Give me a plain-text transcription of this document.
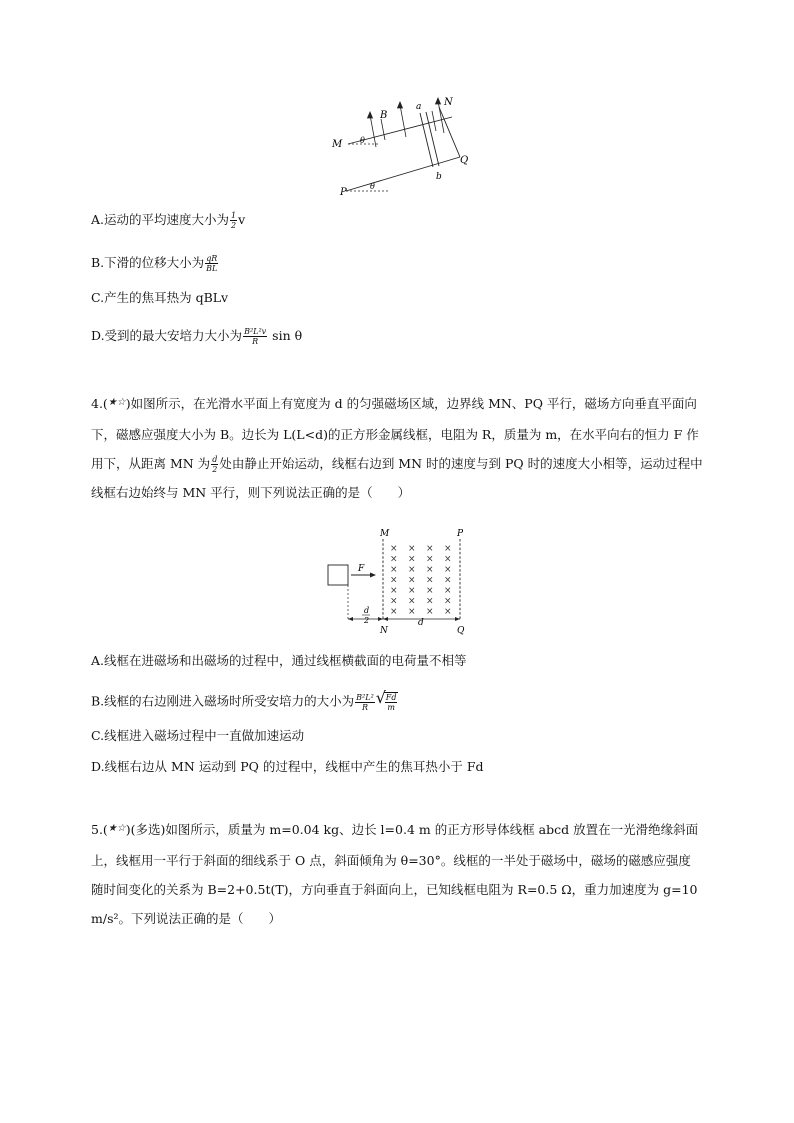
M
B
a N
θ
Q
P
θ
b
A.运动的平均速度大小为 $\frac{1}{2}$ v
B.下滑的位移大小为 $\frac{qR}{BL}$
C.产生的焦耳热为 qBLv
D.受到的最大安培力大小为 $\frac{\text{B²L²v}}{R}$ sin θ
4.(★☆)如图所示，在光滑水平面上有宽度为 d 的匀强磁场区域，边界线 MN、PQ 平行，磁场方向垂直平面向下，磁感应强度大小为 B。边长为 L(L<d)的正方形金属线框，电阻为 R，质量为 m，在水平向右的恒力 F 作用下，从距离 MN 为 $\frac{d}{2}$ 处由静止开始运动，线框右边到 MN 时的速度与到 PQ 时的速度大小相等，运动过程中线框右边始终与 MN 平行，则下列说法正确的是（　　）
× × × ×
× × × ×
× × × ×
× × × ×
× × × ×
× × × ×
× × × ×
M	P
F
d
2	d
N	Q
A.线框在进磁场和出磁场的过程中，通过线框横截面的电荷量不相等
B.线框的右边刚进入磁场时所受安培力的大小为 $\frac{\text{B²L²}}{R}$ √
$\frac{Fd}{m}$
C.线框进入磁场过程中一直做加速运动
D.线框右边从 MN 运动到 PQ 的过程中，线框中产生的焦耳热小于 Fd
5.(★☆)(多选)如图所示，质量为 m=0.04 kg、边长 l=0.4 m 的正方形导体线框 abcd 放置在一光滑绝缘斜面上，线框用一平行于斜面的细线系于 O 点，斜面倾角为 θ=30°。线框的一半处于磁场中，磁场的磁感应强度随时间变化的关系为 B=2+0.5t(T)，方向垂直于斜面向上，已知线框电阻为 R=0.5 Ω，重力加速度为 g=10 m/s²。下列说法正确的是（　　）
